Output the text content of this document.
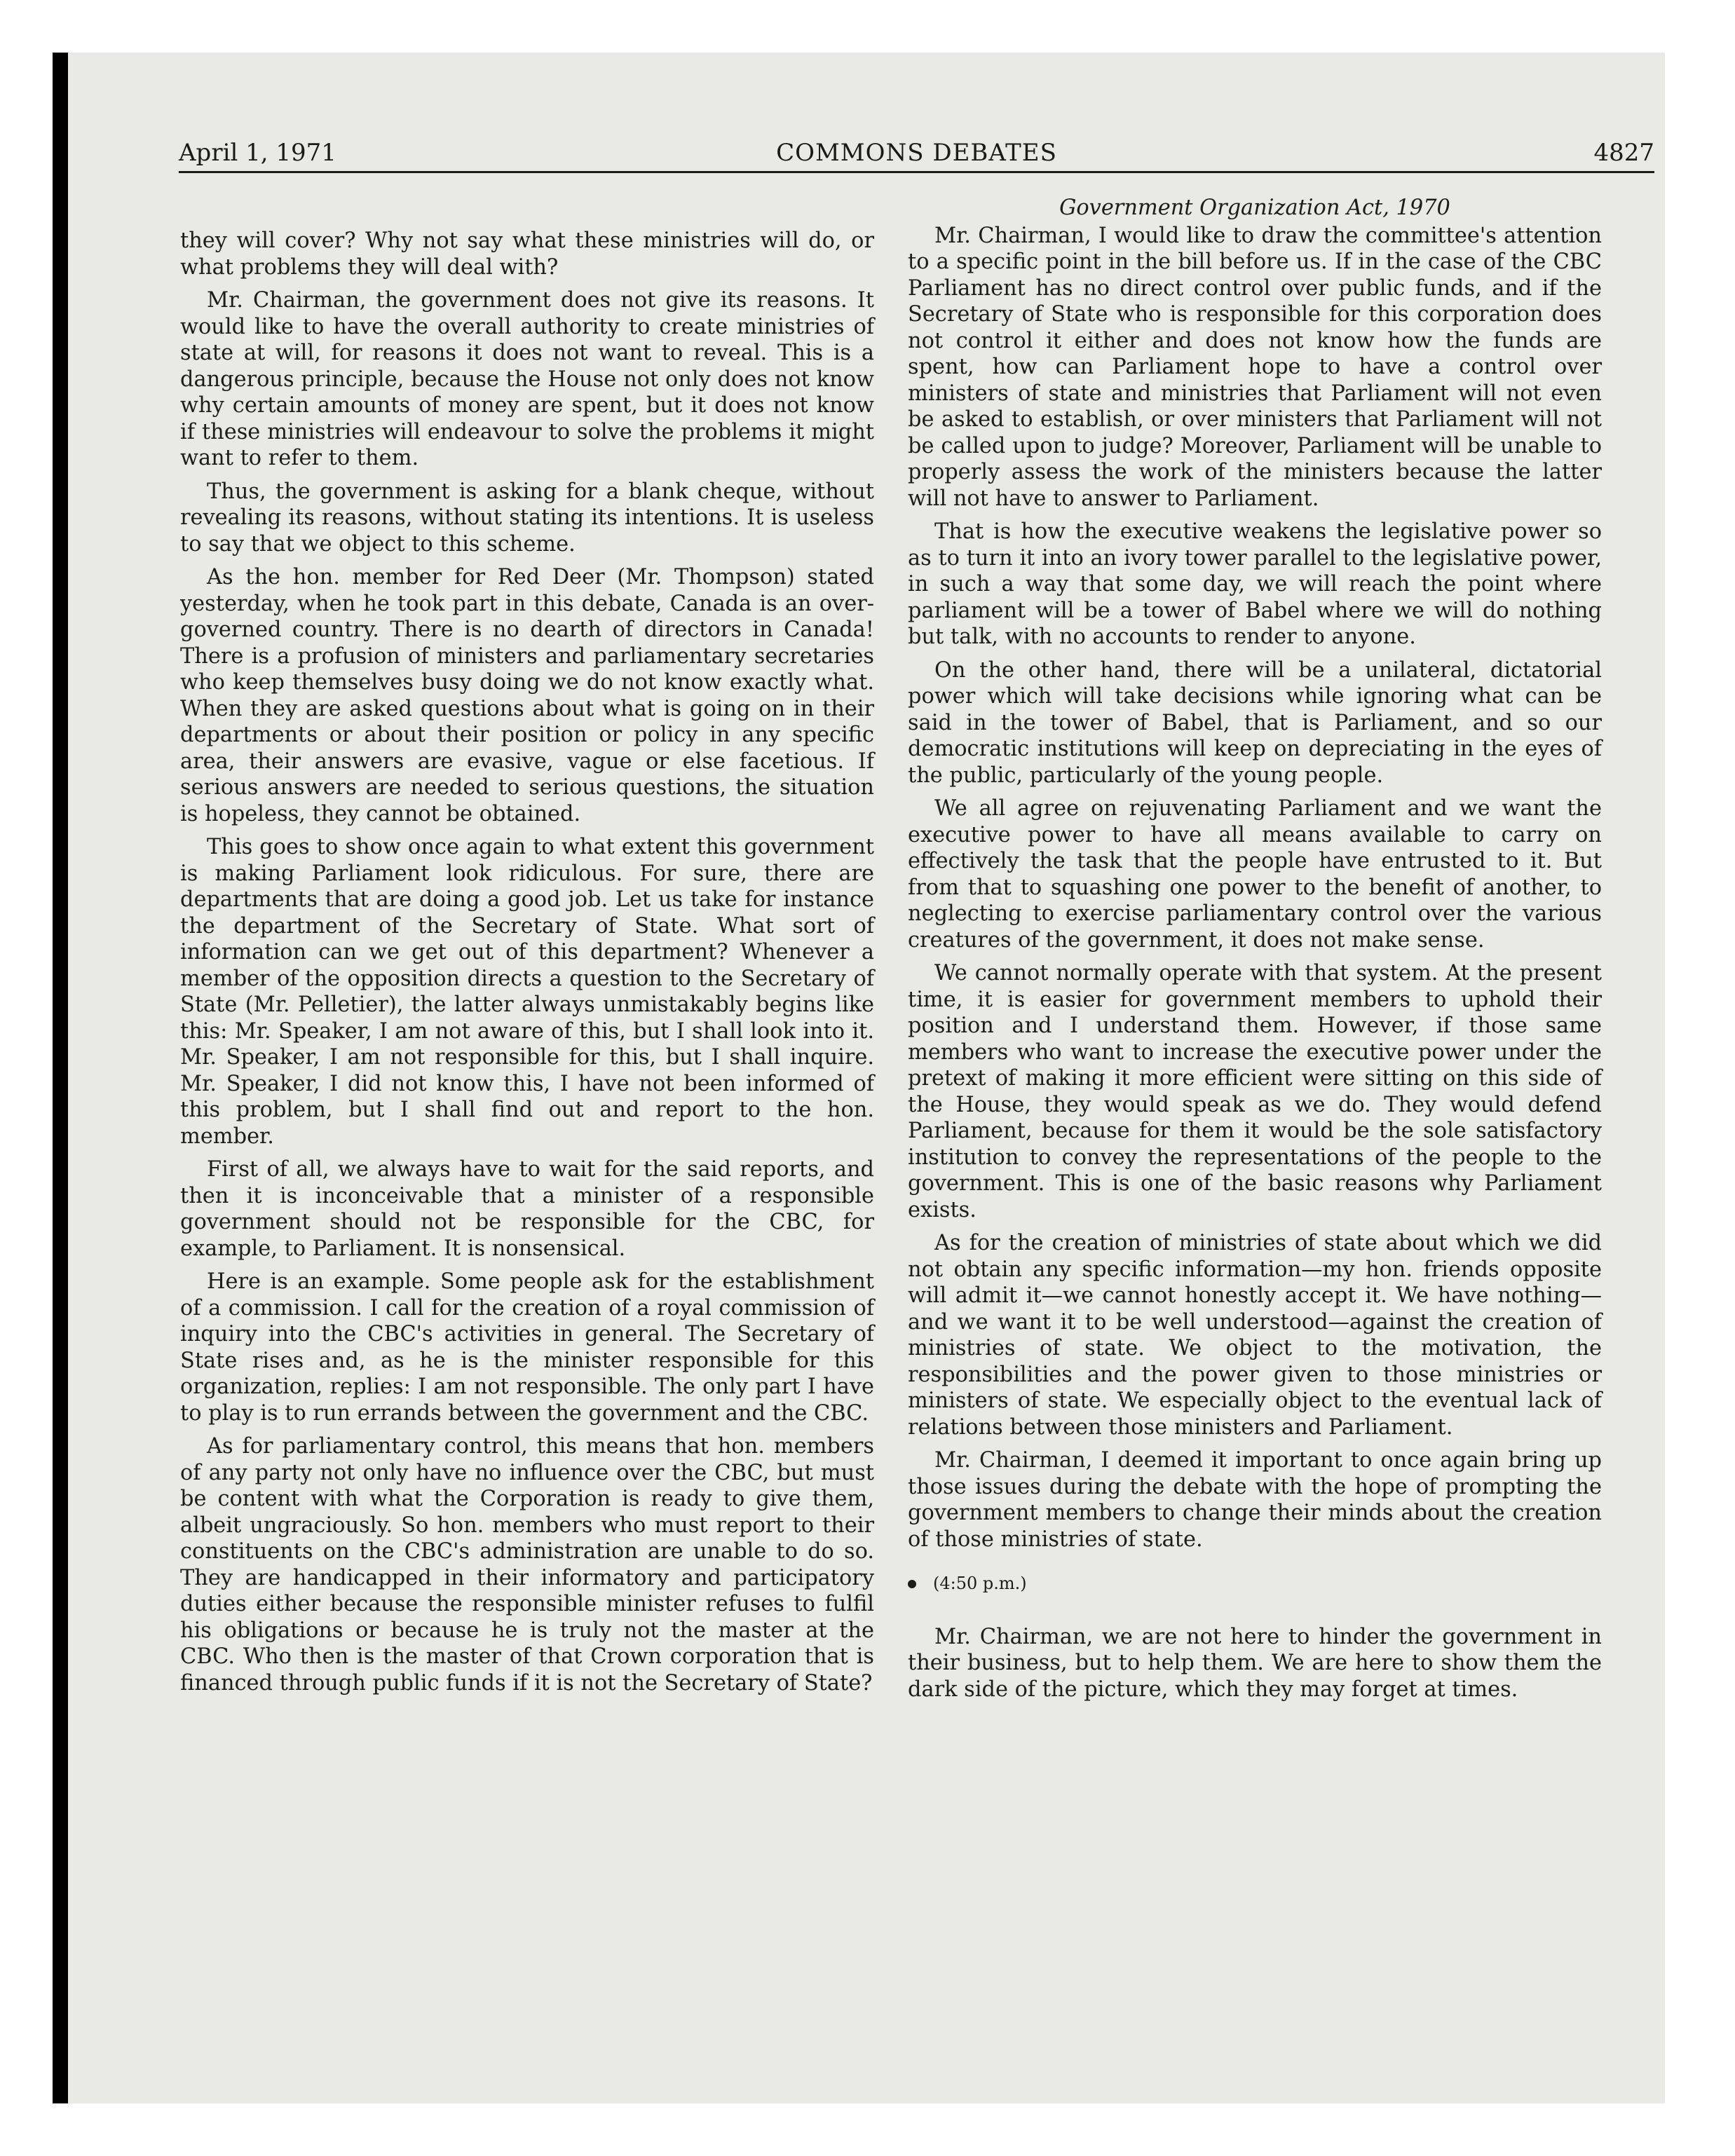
April 1, 1971	COMMONS DEBATES	4827

they will cover? Why not say what these ministries will do, or what problems they will deal with?

Mr. Chairman, the government does not give its reasons. It would like to have the overall authority to create ministries of state at will, for reasons it does not want to reveal. This is a dangerous principle, because the House not only does not know why certain amounts of money are spent, but it does not know if these ministries will endeavour to solve the problems it might want to refer to them.

Thus, the government is asking for a blank cheque, without revealing its reasons, without stating its intentions. It is useless to say that we object to this scheme.

As the hon. member for Red Deer (Mr. Thompson) stated yesterday, when he took part in this debate, Canada is an over-governed country. There is no dearth of directors in Canada! There is a profusion of ministers and parliamentary secretaries who keep themselves busy doing we do not know exactly what. When they are asked questions about what is going on in their departments or about their position or policy in any specific area, their answers are evasive, vague or else facetious. If serious answers are needed to serious questions, the situation is hopeless, they cannot be obtained.

This goes to show once again to what extent this government is making Parliament look ridiculous. For sure, there are departments that are doing a good job. Let us take for instance the department of the Secretary of State. What sort of information can we get out of this department? Whenever a member of the opposition directs a question to the Secretary of State (Mr. Pelletier), the latter always unmistakably begins like this: Mr. Speaker, I am not aware of this, but I shall look into it. Mr. Speaker, I am not responsible for this, but I shall inquire. Mr. Speaker, I did not know this, I have not been informed of this problem, but I shall find out and report to the hon. member.

First of all, we always have to wait for the said reports, and then it is inconceivable that a minister of a responsible government should not be responsible for the CBC, for example, to Parliament. It is nonsensical.

Here is an example. Some people ask for the establishment of a commission. I call for the creation of a royal commission of inquiry into the CBC's activities in general. The Secretary of State rises and, as he is the minister responsible for this organization, replies: I am not responsible. The only part I have to play is to run errands between the government and the CBC.

As for parliamentary control, this means that hon. members of any party not only have no influence over the CBC, but must be content with what the Corporation is ready to give them, albeit ungraciously. So hon. members who must report to their constituents on the CBC's administration are unable to do so. They are handicapped in their informatory and participatory duties either because the responsible minister refuses to fulfil his obligations or because he is truly not the master at the CBC. Who then is the master of that Crown corporation that is financed through public funds if it is not the Secretary of State?

Government Organization Act, 1970

Mr. Chairman, I would like to draw the committee's attention to a specific point in the bill before us. If in the case of the CBC Parliament has no direct control over public funds, and if the Secretary of State who is responsible for this corporation does not control it either and does not know how the funds are spent, how can Parliament hope to have a control over ministers of state and ministries that Parliament will not even be asked to establish, or over ministers that Parliament will not be called upon to judge? Moreover, Parliament will be unable to properly assess the work of the ministers because the latter will not have to answer to Parliament.

That is how the executive weakens the legislative power so as to turn it into an ivory tower parallel to the legislative power, in such a way that some day, we will reach the point where parliament will be a tower of Babel where we will do nothing but talk, with no accounts to render to anyone.

On the other hand, there will be a unilateral, dictatorial power which will take decisions while ignoring what can be said in the tower of Babel, that is Parliament, and so our democratic institutions will keep on depreciating in the eyes of the public, particularly of the young people.

We all agree on rejuvenating Parliament and we want the executive power to have all means available to carry on effectively the task that the people have entrusted to it. But from that to squashing one power to the benefit of another, to neglecting to exercise parliamentary control over the various creatures of the government, it does not make sense.

We cannot normally operate with that system. At the present time, it is easier for government members to uphold their position and I understand them. However, if those same members who want to increase the executive power under the pretext of making it more efficient were sitting on this side of the House, they would speak as we do. They would defend Parliament, because for them it would be the sole satisfactory institution to convey the representations of the people to the government. This is one of the basic reasons why Parliament exists.

As for the creation of ministries of state about which we did not obtain any specific information—my hon. friends opposite will admit it—we cannot honestly accept it. We have nothing—and we want it to be well understood—against the creation of ministries of state. We object to the motivation, the responsibilities and the power given to those ministries or ministers of state. We especially object to the eventual lack of relations between those ministers and Parliament.

Mr. Chairman, I deemed it important to once again bring up those issues during the debate with the hope of prompting the government members to change their minds about the creation of those ministries of state.

(4:50 p.m.)

Mr. Chairman, we are not here to hinder the government in their business, but to help them. We are here to show them the dark side of the picture, which they may forget at times.
